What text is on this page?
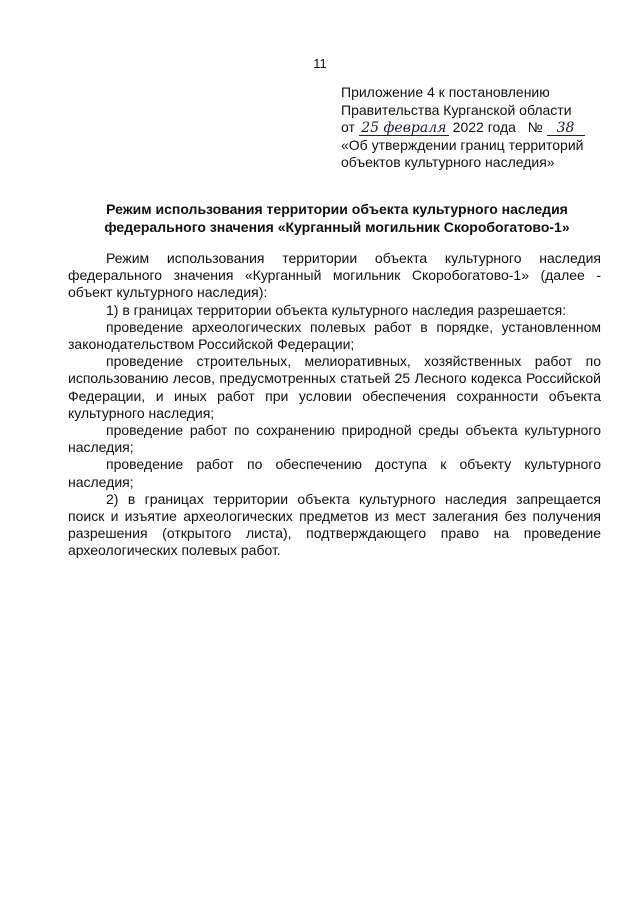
11
Приложение 4 к постановлению
Правительства Курганской области
от 25 февраля 2022 года № 38
«Об утверждении границ территорий
объектов культурного наследия»
Режим использования территории объекта культурного наследия
федерального значения «Курганный могильник Скоробогатово-1»

Режим использования территории объекта культурного наследия федерального значения «Курганный могильник Скоробогатово-1» (далее - объект культурного наследия):

1) в границах территории объекта культурного наследия разрешается:

проведение археологических полевых работ в порядке, установленном законодательством Российской Федерации;

проведение строительных, мелиоративных, хозяйственных работ по использованию лесов, предусмотренных статьей 25 Лесного кодекса Российской Федерации, и иных работ при условии обеспечения сохранности объекта культурного наследия;

проведение работ по сохранению природной среды объекта культурного наследия;

проведение работ по обеспечению доступа к объекту культурного наследия;

2) в границах территории объекта культурного наследия запрещается поиск и изъятие археологических предметов из мест залегания без получения разрешения (открытого листа), подтверждающего право на проведение археологических полевых работ.
